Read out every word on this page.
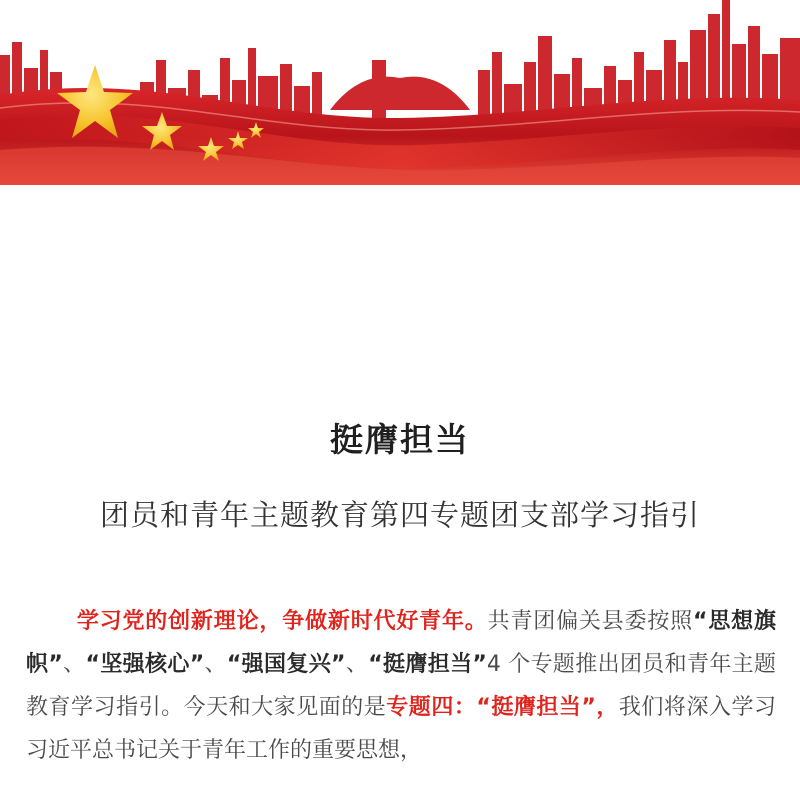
挺膺担当
团员和青年主题教育第四专题团支部学习指引

学习党的创新理论，争做新时代好青年。共青团偏关县委按照“思想旗帜”、“坚强核心”、“强国复兴”、“挺膺担当”4 个专题推出团员和青年主题教育学习指引。今天和大家见面的是专题四：“挺膺担当”，我们将深入学习习近平总书记关于青年工作的重要思想，
